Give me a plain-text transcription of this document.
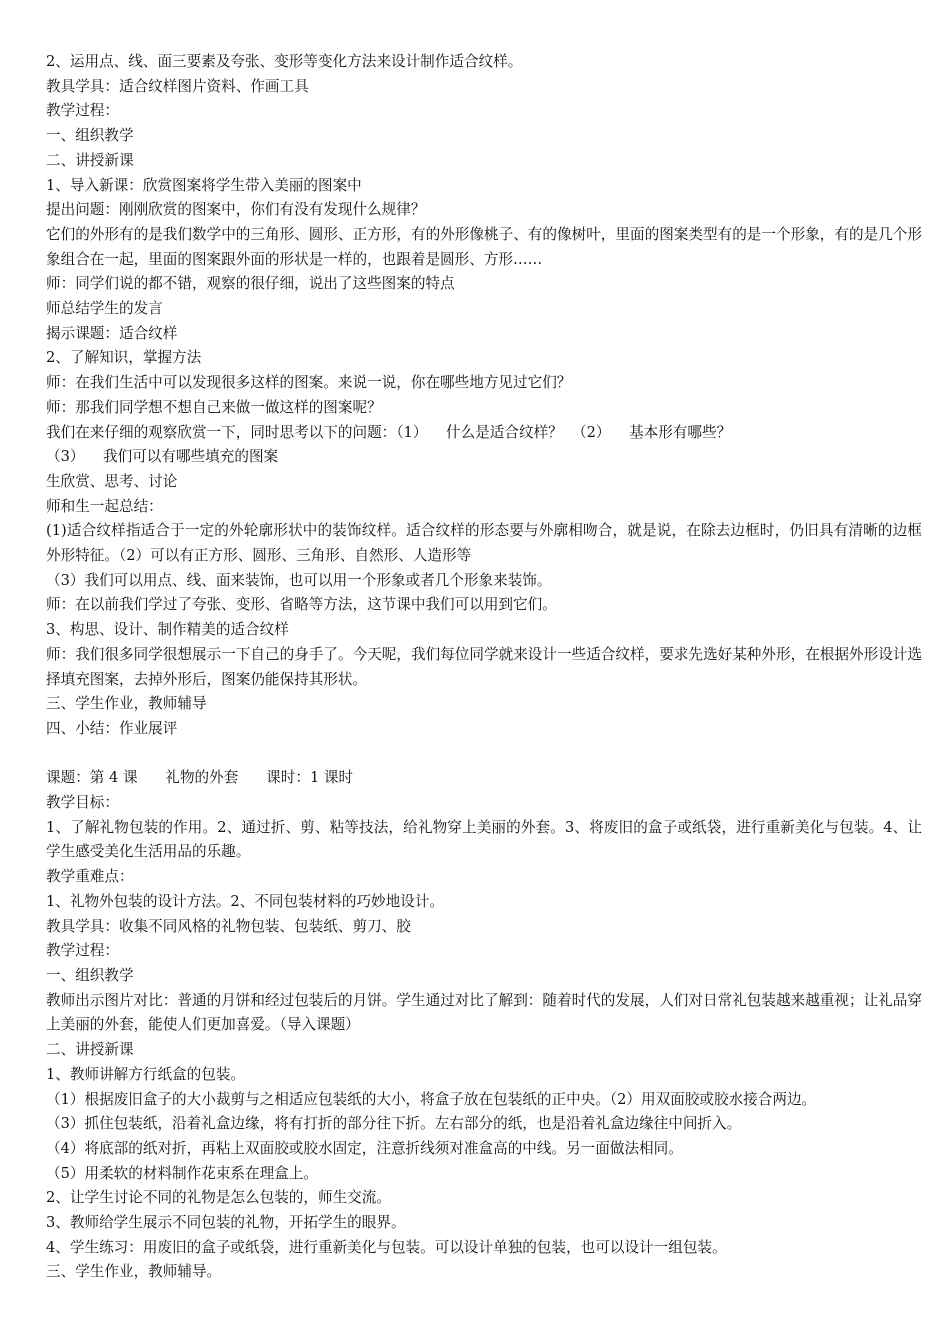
2、运用点、线、面三要素及夸张、变形等变化方法来设计制作适合纹样。
教具学具：适合纹样图片资料、作画工具
教学过程：
一、组织教学
二、讲授新课
1、导入新课：欣赏图案将学生带入美丽的图案中
提出问题：刚刚欣赏的图案中，你们有没有发现什么规律？
它们的外形有的是我们数学中的三角形、圆形、正方形，有的外形像桃子、有的像树叶，里面的图案类型有的是一个形象，有的是几个形象组合在一起，里面的图案跟外面的形状是一样的，也跟着是圆形、方形……
师：同学们说的都不错，观察的很仔细，说出了这些图案的特点
师总结学生的发言
揭示课题：适合纹样
2、了解知识，掌握方法
师：在我们生活中可以发现很多这样的图案。来说一说，你在哪些地方见过它们？
师：那我们同学想不想自己来做一做这样的图案呢？
我们在来仔细的观察欣赏一下，同时思考以下的问题：（1）    什么是适合纹样？  （2）    基本形有哪些？
（3）    我们可以有哪些填充的图案
生欣赏、思考、讨论
师和生一起总结：
(1)适合纹样指适合于一定的外轮廓形状中的装饰纹样。适合纹样的形态要与外廓相吻合，就是说，在除去边框时，仍旧具有清晰的边框外形特征。（2）可以有正方形、圆形、三角形、自然形、人造形等
（3）我们可以用点、线、面来装饰，也可以用一个形象或者几个形象来装饰。
师：在以前我们学过了夸张、变形、省略等方法，这节课中我们可以用到它们。
3、构思、设计、制作精美的适合纹样
师：我们很多同学很想展示一下自己的身手了。今天呢，我们每位同学就来设计一些适合纹样，要求先选好某种外形，在根据外形设计选择填充图案，去掉外形后，图案仍能保持其形状。
三、学生作业，教师辅导
四、小结：作业展评
课题：第 4 课      礼物的外套      课时：1 课时
教学目标：
1、了解礼物包装的作用。2、通过折、剪、粘等技法，给礼物穿上美丽的外套。3、将废旧的盒子或纸袋，进行重新美化与包装。4、让学生感受美化生活用品的乐趣。
教学重难点：
1、礼物外包装的设计方法。2、不同包装材料的巧妙地设计。
教具学具：收集不同风格的礼物包装、包装纸、剪刀、胶
教学过程：
一、组织教学
教师出示图片对比：普通的月饼和经过包装后的月饼。学生通过对比了解到：随着时代的发展，人们对日常礼包装越来越重视；让礼品穿上美丽的外套，能使人们更加喜爱。（导入课题）
二、讲授新课
1、教师讲解方行纸盒的包装。
（1）根据废旧盒子的大小裁剪与之相适应包装纸的大小，将盒子放在包装纸的正中央。（2）用双面胶或胶水接合两边。
（3）抓住包装纸，沿着礼盒边缘，将有打折的部分往下折。左右部分的纸，也是沿着礼盒边缘往中间折入。
（4）将底部的纸对折，再粘上双面胶或胶水固定，注意折线须对准盒高的中线。另一面做法相同。
（5）用柔软的材料制作花束系在理盒上。
2、让学生讨论不同的礼物是怎么包装的，师生交流。
3、教师给学生展示不同包装的礼物，开拓学生的眼界。
4、学生练习：用废旧的盒子或纸袋，进行重新美化与包装。可以设计单独的包装，也可以设计一组包装。
三、学生作业，教师辅导。
